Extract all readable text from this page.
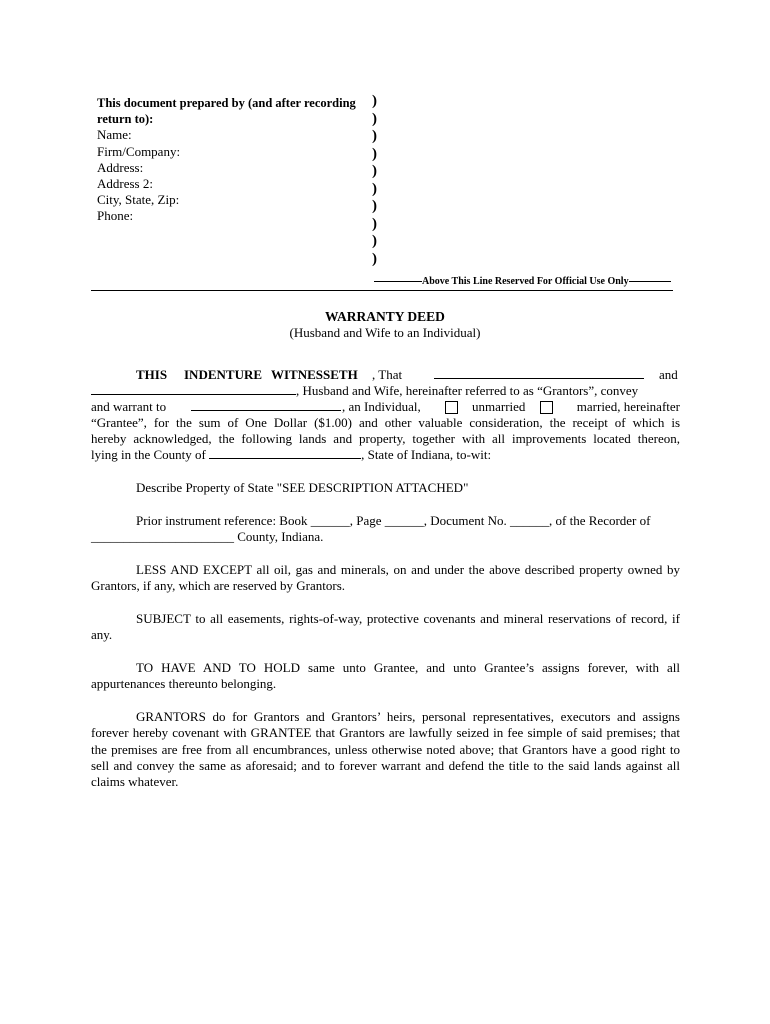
This document prepared by (and after recording
return to):
Name:
Firm/Company:
Address:
Address 2:
City, State, Zip:
Phone:
)
)
)
)
)
)
)
)
)
)
Above This Line Reserved For Official Use Only
WARRANTY DEED
(Husband and Wife to an Individual)
THIS INDENTURE WITNESSETH , That	and
, Husband and Wife, hereinafter referred to as “Grantors”, convey
and warrant to	, an Individual,	unmarried	married, hereinafter
“Grantee”, for the sum of One Dollar ($1.00) and other valuable consideration, the receipt of which is
hereby acknowledged, the following lands and property, together with all improvements located thereon,
lying in the County of	, State of Indiana, to-wit:
Describe Property of State "SEE DESCRIPTION ATTACHED"
Prior instrument reference: Book ______, Page ______, Document No. ______, of the Recorder of
______________________ County, Indiana.
LESS AND EXCEPT all oil, gas and minerals, on and under the above described property owned by Grantors, if any, which are reserved by Grantors.
SUBJECT to all easements, rights-of-way, protective covenants and mineral reservations of record, if any.
TO HAVE AND TO HOLD same unto Grantee, and unto Grantee’s assigns forever, with all appurtenances thereunto belonging.
GRANTORS do for Grantors and Grantors’ heirs, personal representatives, executors and assigns forever hereby covenant with GRANTEE that Grantors are lawfully seized in fee simple of said premises; that the premises are free from all encumbrances, unless otherwise noted above; that Grantors have a good right to sell and convey the same as aforesaid; and to forever warrant and defend the title to the said lands against all claims whatever.
